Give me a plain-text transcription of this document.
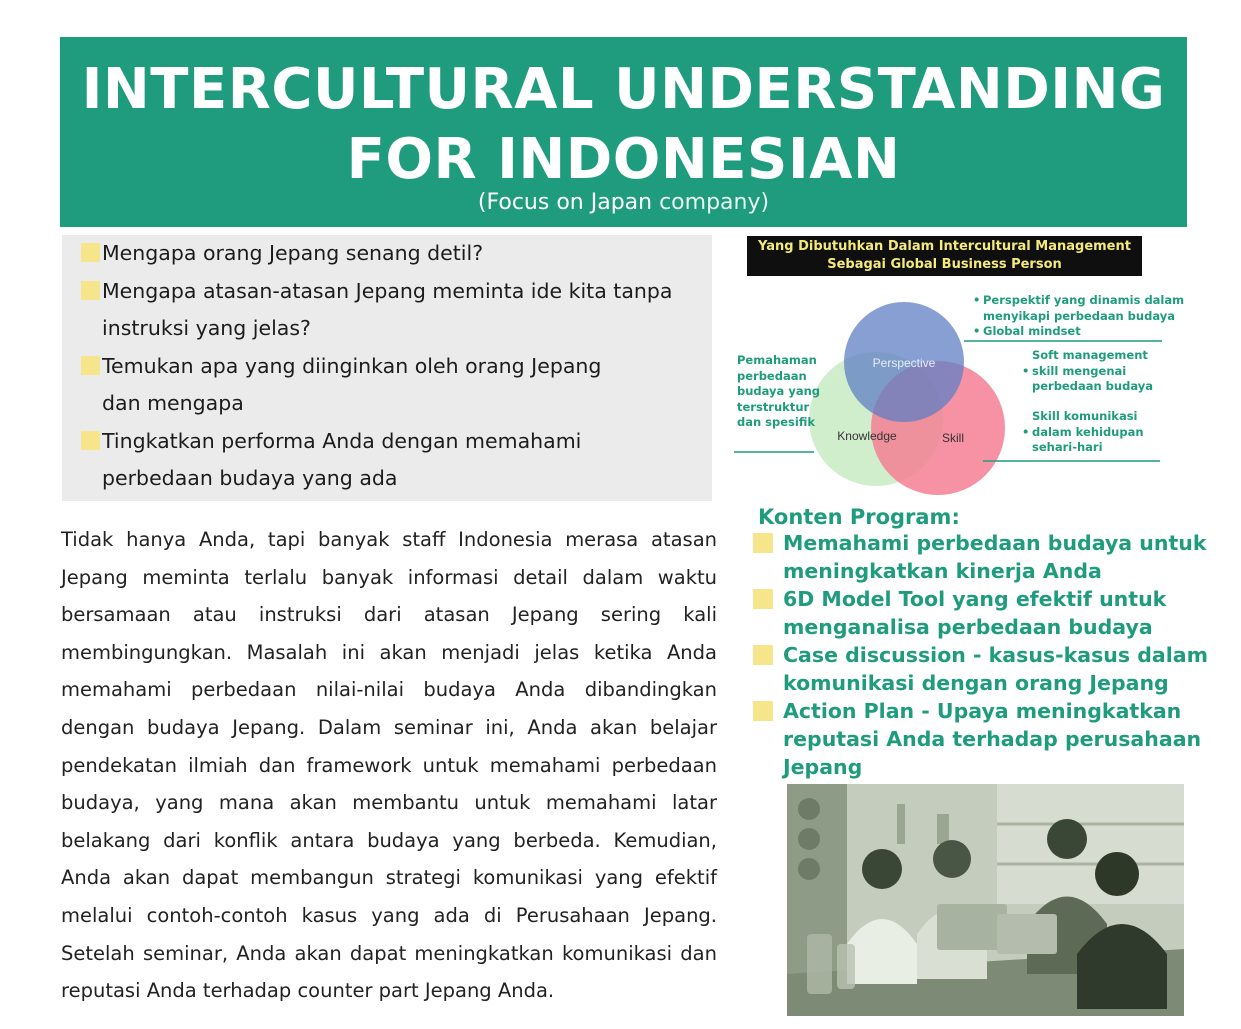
INTERCULTURAL UNDERSTANDING
FOR INDONESIAN
(Focus on Japan company)
Mengapa orang Jepang senang detil?
Mengapa atasan-atasan Jepang meminta ide kita tanpa
instruksi yang jelas?
Temukan apa yang diinginkan oleh orang Jepang
dan mengapa
Tingkatkan performa Anda dengan memahami
perbedaan budaya yang ada

Tidak hanya Anda, tapi banyak staff Indonesia merasa atasan Jepang meminta terlalu banyak informasi detail dalam waktu bersamaan atau instruksi dari atasan Jepang sering kali membingungkan. Masalah ini akan menjadi jelas ketika Anda memahami perbedaan nilai-nilai budaya Anda dibandingkan dengan budaya Jepang. Dalam seminar ini, Anda akan belajar pendekatan ilmiah dan framework untuk memahami perbedaan budaya, yang mana akan membantu untuk memahami latar belakang dari konflik antara budaya yang berbeda. Kemudian, Anda akan dapat membangun strategi komunikasi yang efektif melalui contoh-contoh kasus yang ada di Perusahaan Jepang. Setelah seminar, Anda akan dapat meningkatkan komunikasi dan reputasi Anda terhadap counter part Jepang Anda.

Yang Dibutuhkan Dalam Intercultural Management
Sebagai Global Business Person
Perspective
Knowledge	Skill
• Perspektif yang dinamis dalam
menyikapi perbedaan budaya
• Global mindset
Soft management
• skill mengenai
perbedaan budaya
Skill komunikasi
• dalam kehidupan
sehari-hari
Pemahaman
perbedaan
budaya yang
terstruktur
dan spesifik
Konten Program:
Memahami perbedaan budaya untuk
meningkatkan kinerja Anda
6D Model Tool yang efektif untuk
menganalisa perbedaan budaya
Case discussion - kasus-kasus dalam
komunikasi dengan orang Jepang
Action Plan - Upaya meningkatkan
reputasi Anda terhadap perusahaan
Jepang
